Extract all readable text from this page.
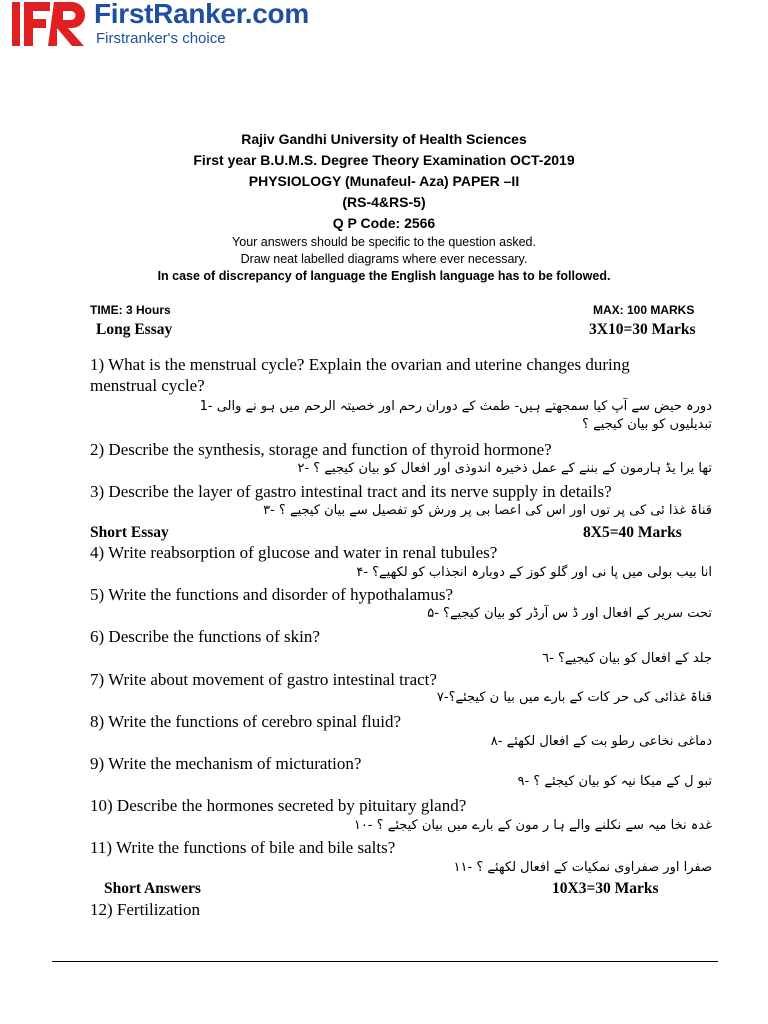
FirstRanker.com
Firstranker's choice
Rajiv Gandhi University of Health Sciences
First year B.U.M.S. Degree Theory Examination OCT-2019
PHYSIOLOGY (Munafeul- Aza) PAPER –II
(RS-4&RS-5)
Q P Code: 2566
Your answers should be specific to the question asked.
Draw neat labelled diagrams where ever necessary.
In case of discrepancy of language the English language has to be followed.
TIME: 3 Hours	MAX: 100 MARKS
Long Essay	3X10=30 Marks
1) What is the menstrual cycle? Explain the ovarian and uterine changes during
menstrual cycle?
دورہ حیض سے آپ کیا سمجھتے ہیں- طمث کے دوران رحم اور خصیتہ الرحم میں ہو نے والی -1
تبدیلیوں کو بیان کیجیے ؟
2) Describe the synthesis, storage and function of thyroid hormone?
تھا یرا یڈ ہارمون کے بننے کے عمل ذخیرہ اندوذی اور افعال کو بیان کیجیے ؟ -۲
3) Describe the layer of gastro intestinal tract and its nerve supply in details?
قناۃ غذا ئی کی پر توں اور اس کی اعصا بی پر ورش کو تفصیل سے بیان کیجیے ؟ -۳
Short Essay	8X5=40 Marks
4) Write reabsorption of glucose and water in renal tubules?
انا بیب بولی میں پا نی اور گلو کوز کے دوبارہ انجذاب کو لکھیے؟ -۴
5) Write the functions and disorder of hypothalamus?
تحت سریر کے افعال اور ڈ س آرڈر کو بیان کیجیے؟ -۵
6) Describe the functions of skin?
جلد کے افعال کو بیان کیجیے؟ -٦
7) Write about movement of gastro intestinal tract?
قناۃ غذائی کی حر کات کے بارے میں بیا ن کیجئے؟-۷
8) Write the functions of cerebro spinal fluid?
دماغی نخاعی رطو بت کے افعال لکھئے -۸
9) Write the mechanism of micturation?
تبو ل کے میکا نیہ کو بیان کیجئے ؟ -۹
10) Describe the hormones secreted by pituitary gland?
غدہ نخا میہ سے نکلنے والے ہا ر مون کے بارے میں بیان کیجئے ؟ -۱۰
11) Write the functions of bile and bile salts?
صفرا اور صفراوی نمکیات کے افعال لکھئے ؟ -۱۱
Short Answers	10X3=30 Marks
12) Fertilization
